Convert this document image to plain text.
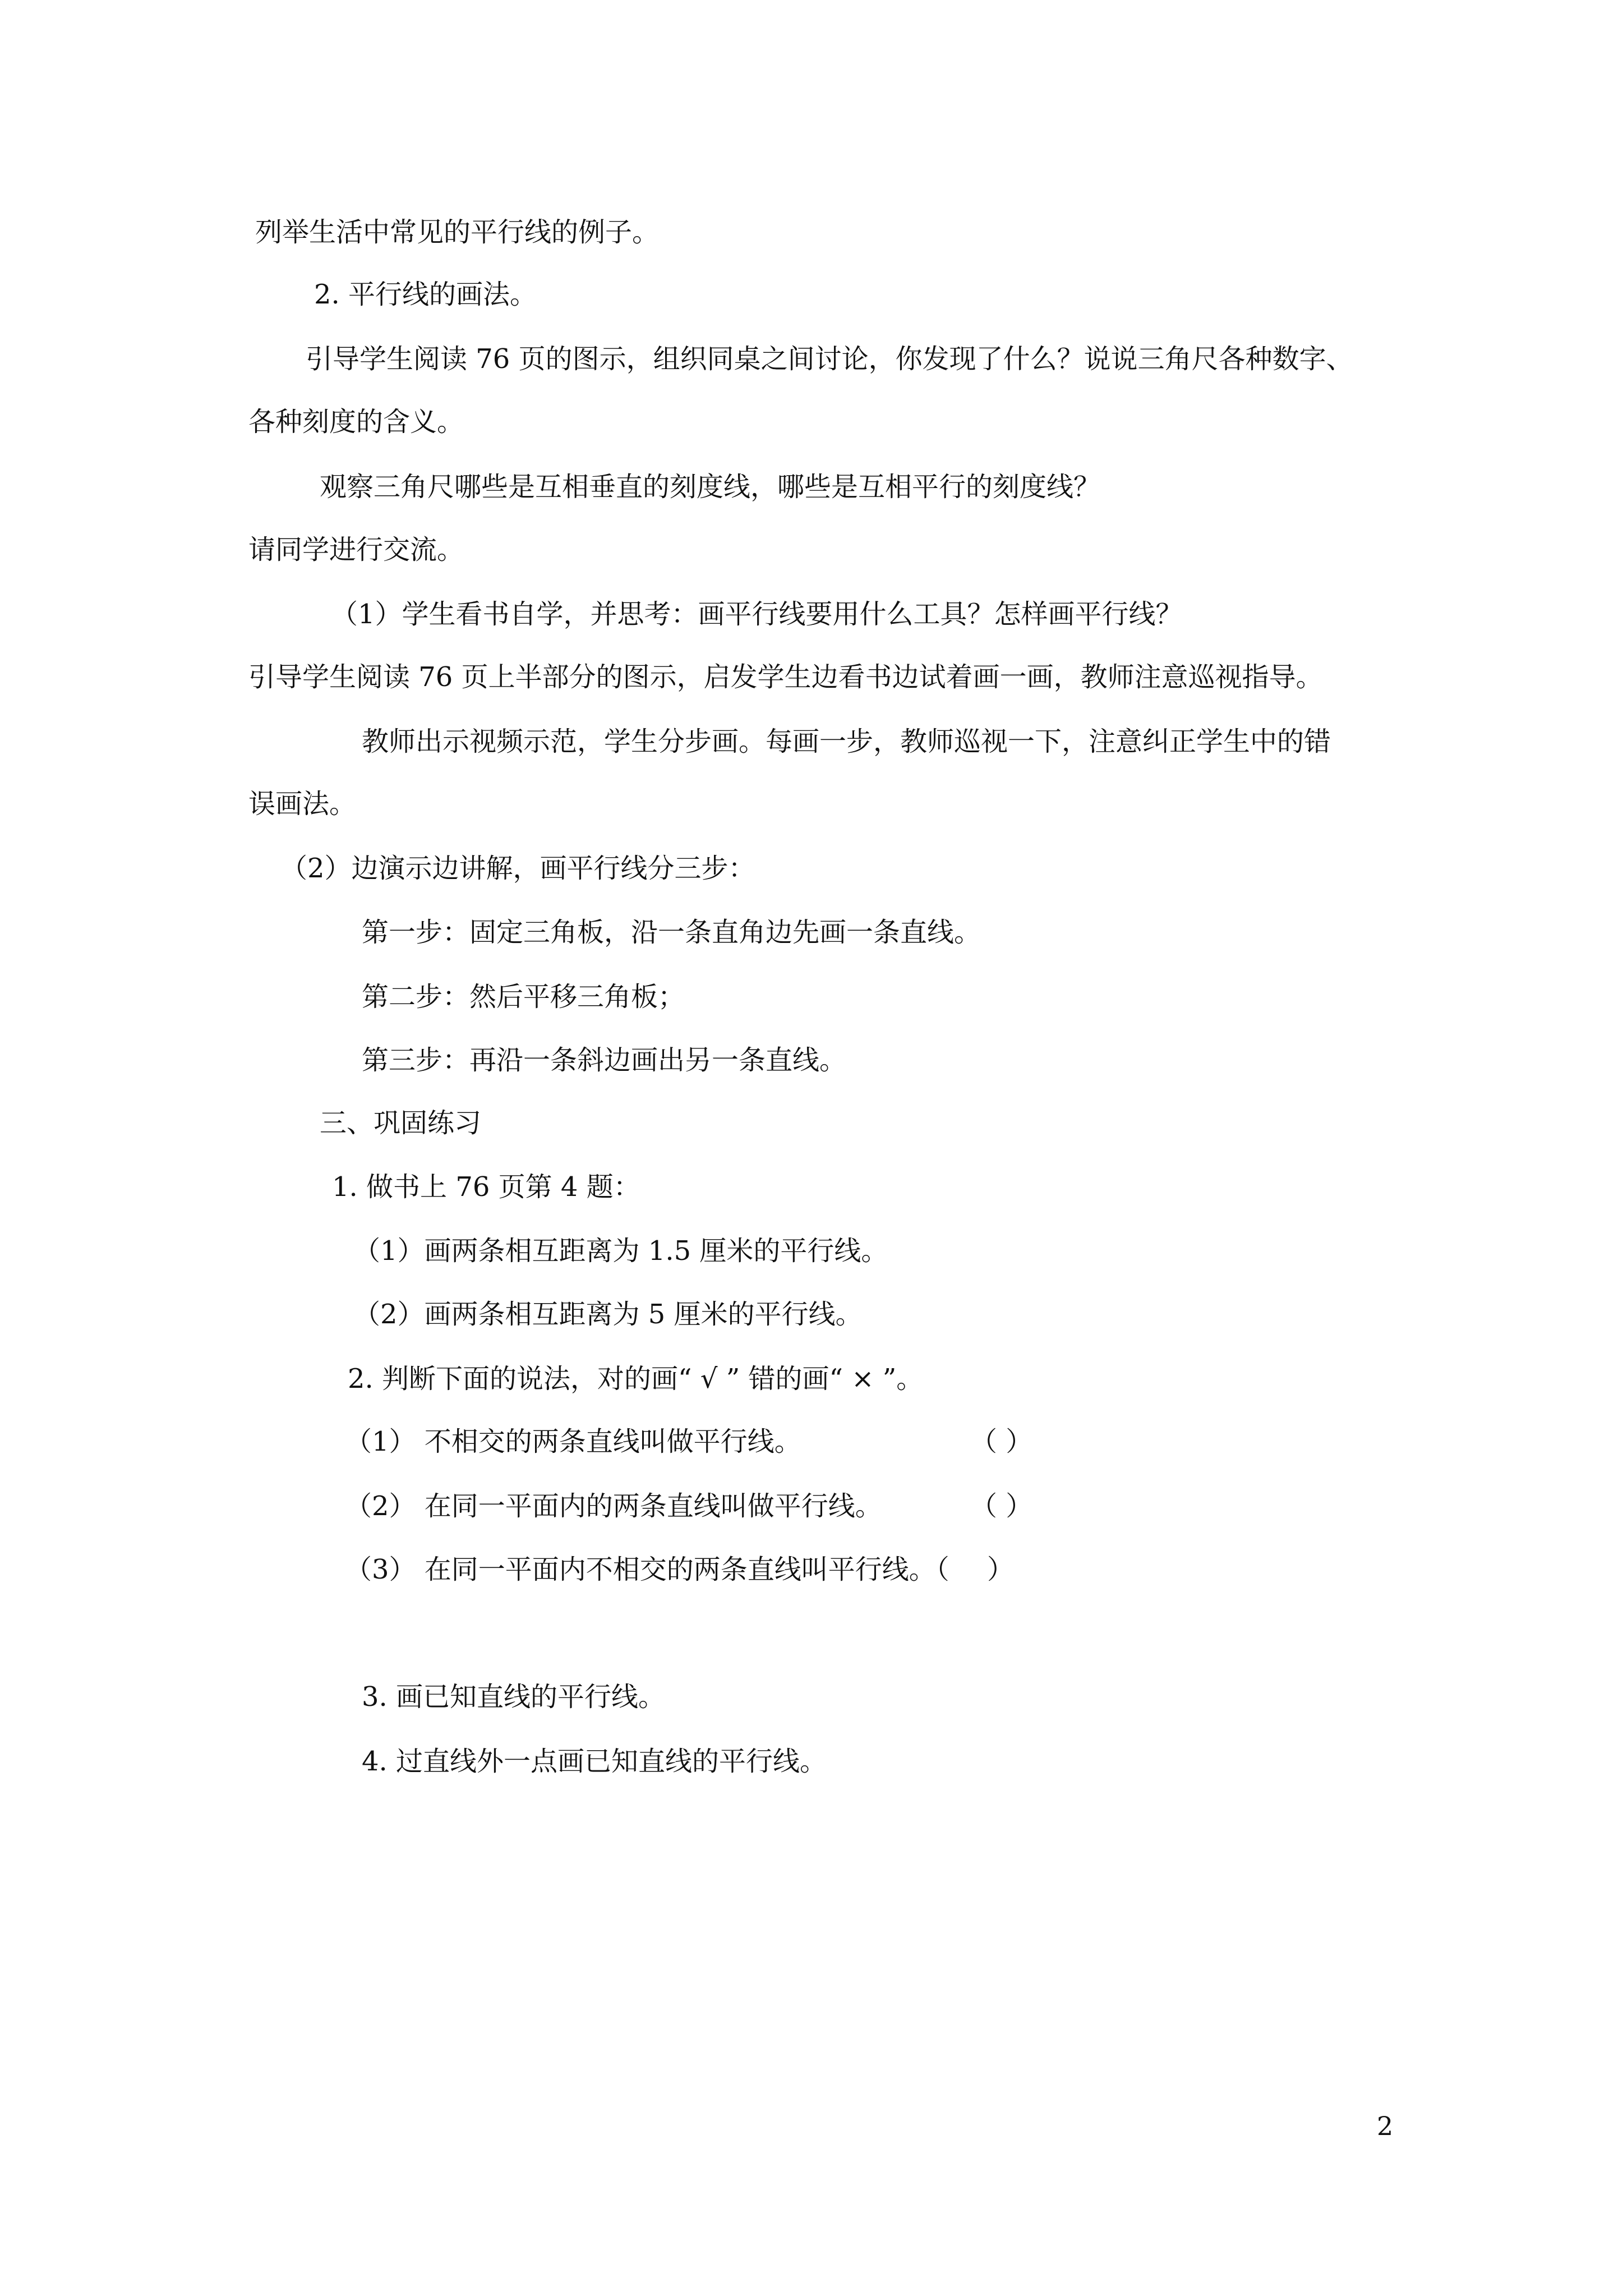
列举生活中常见的平行线的例子。
2. 平行线的画法。
引导学生阅读 76 页的图示，组织同桌之间讨论，你发现了什么？说说三角尺各种数字、
各种刻度的含义。
观察三角尺哪些是互相垂直的刻度线，哪些是互相平行的刻度线？
请同学进行交流。
（1）学生看书自学，并思考：画平行线要用什么工具？怎样画平行线？
引导学生阅读 76 页上半部分的图示，启发学生边看书边试着画一画，教师注意巡视指导。
教师出示视频示范，学生分步画。每画一步，教师巡视一下，注意纠正学生中的错
误画法。
（2）边演示边讲解，画平行线分三步：
第一步：固定三角板，沿一条直角边先画一条直线。
第二步：然后平移三角板；
第三步：再沿一条斜边画出另一条直线。
三、巩固练习
1. 做书上 76 页第 4 题：
（1）画两条相互距离为 1.5 厘米的平行线。
（2）画两条相互距离为 5 厘米的平行线。
2. 判断下面的说法，对的画“ √ ” 错的画“ × ”。
（1） 不相交的两条直线叫做平行线。	（ ）
（2） 在同一平面内的两条直线叫做平行线。	（ ）
（3） 在同一平面内不相交的两条直线叫平行线。（ ）
3. 画已知直线的平行线。
4. 过直线外一点画已知直线的平行线。
2
